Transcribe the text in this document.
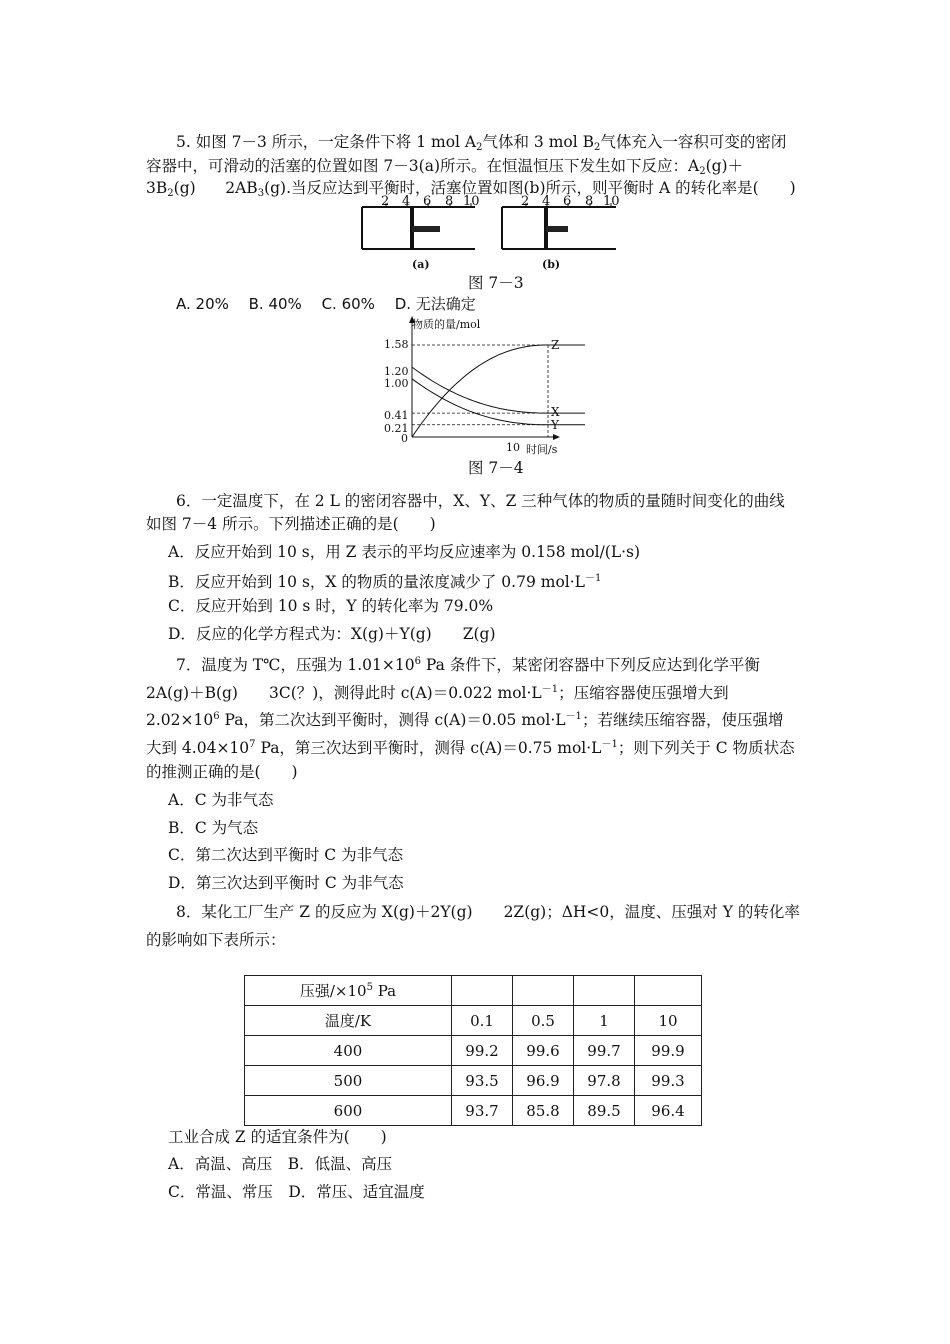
5. 如图 7－3 所示，一定条件下将 1 mol $A_2$气体和 3 mol $B_2$气体充入一容积可变的密闭
容器中，可滑动的活塞的位置如图 7－3(a)所示。在恒温恒压下发生如下反应：$A_2(g)+$
$3B_2(g)$ $2AB_3(g)$.当反应达到平衡时，活塞位置如图(b)所示，则平衡时 A 的转化率是(　　)
2 4 6 8 10	2 4 6 8 10
(a)	(b)
图 7－3
A. 20%　 B. 40%　 C. 60%　 D. 无法确定
物质的量/mol
1.58
1.20
1.00
0.41
0.21
0
10 时间/s
Z
X
Y
图 7－4
6．一定温度下，在 2 L 的密闭容器中，X、Y、Z 三种气体的物质的量随时间变化的曲线
如图 7－4 所示。下列描述正确的是(　　)
A．反应开始到 10 s，用 Z 表示的平均反应速率为 0.158 mol/(L·s)
B．反应开始到 10 s，X 的物质的量浓度减少了 0.79 $mol\cdot L^{-1}$
C．反应开始到 10 s 时，Y 的转化率为 79.0%
D．反应的化学方程式为：X(g)＋Y(g)　　Z(g)
7．温度为 T℃，压强为 $1.01\times 10^6$ Pa 条件下，某密闭容器中下列反应达到化学平衡
2A(g)＋B(g)　　3C(？)，测得此时 c(A)＝0.022 $mol\cdot L^{-1}$；压缩容器使压强增大到
$2.02\times 10^6$ Pa，第二次达到平衡时，测得 c(A)＝0.05 $mol\cdot L^{-1}$；若继续压缩容器，使压强增
大到 $4.04\times 10^7$ Pa，第三次达到平衡时，测得 c(A)＝0.75 $mol\cdot L^{-1}$；则下列关于 C 物质状态
的推测正确的是(　　)
A．C 为非气态
B．C 为气态
C．第二次达到平衡时 C 为非气态
D．第三次达到平衡时 C 为非气态
8．某化工厂生产 Z 的反应为 X(g)＋2Y(g)　　2Z(g)；ΔH<0，温度、压强对 Y 的转化率
的影响如下表所示：
压强$/\times 10^5$ Pa				
温度/K	0.1	0.5	1	10
400	99.2	99.6	99.7	99.9
500	93.5	96.9	97.8	99.3
600	93.7	85.8	89.5	96.4
工业合成 Z 的适宜条件为(　　)
A．高温、高压　B．低温、高压
C．常温、常压　D．常压、适宜温度
